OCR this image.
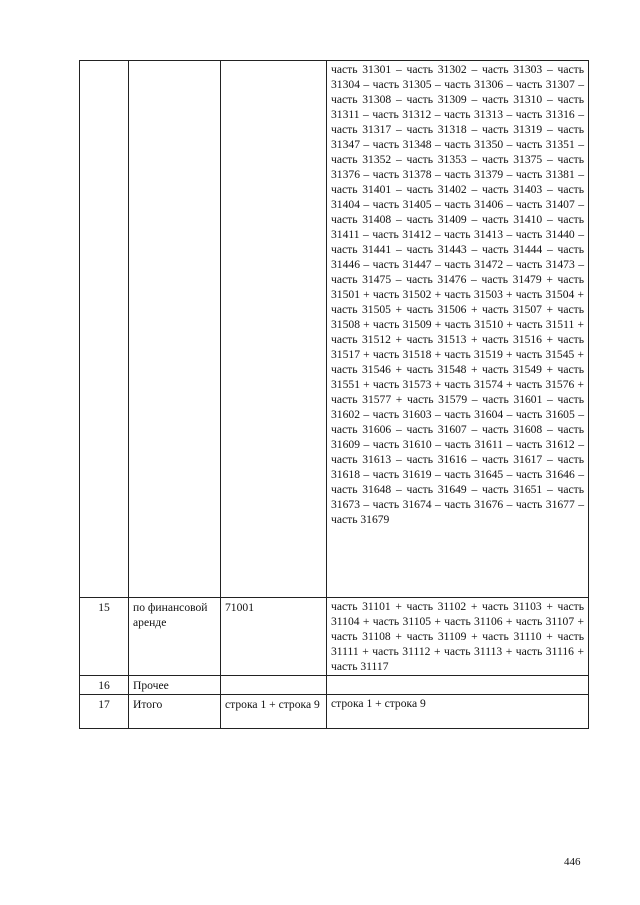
			часть 31301 – часть 31302 – часть 31303 – часть 31304 – часть 31305 – часть 31306 – часть 31307 – часть 31308 – часть 31309 – часть 31310 – часть 31311 – часть 31312 – часть 31313 – часть 31316 – часть 31317 – часть 31318 – часть 31319 – часть 31347 – часть 31348 – часть 31350 – часть 31351 – часть 31352 – часть 31353 – часть 31375 – часть 31376 – часть 31378 – часть 31379 – часть 31381 – часть 31401 – часть 31402 – часть 31403 – часть 31404 – часть 31405 – часть 31406 – часть 31407 – часть 31408 – часть 31409 – часть 31410 – часть 31411 – часть 31412 – часть 31413 – часть 31440 – часть 31441 – часть 31443 – часть 31444 – часть 31446 – часть 31447 – часть 31472 – часть 31473 – часть 31475 – часть 31476 – часть 31479 + часть 31501 + часть 31502 + часть 31503 + часть 31504 + часть 31505 + часть 31506 + часть 31507 + часть 31508 + часть 31509 + часть 31510 + часть 31511 + часть 31512 + часть 31513 + часть 31516 + часть 31517 + часть 31518 + часть 31519 + часть 31545 + часть 31546 + часть 31548 + часть 31549 + часть 31551 + часть 31573 + часть 31574 + часть 31576 + часть 31577 + часть 31579 – часть 31601 – часть 31602 – часть 31603 – часть 31604 – часть 31605 – часть 31606 – часть 31607 – часть 31608 – часть 31609 – часть 31610 – часть 31611 – часть 31612 – часть 31613 – часть 31616 – часть 31617 – часть 31618 – часть 31619 – часть 31645 – часть 31646 – часть 31648 – часть 31649 – часть 31651 – часть 31673 – часть 31674 – часть 31676 – часть 31677 – часть 31679
15	по финансовой аренде	71001	часть 31101 + часть 31102 + часть 31103 + часть 31104 + часть 31105 + часть 31106 + часть 31107 + часть 31108 + часть 31109 + часть 31110 + часть 31111 + часть 31112 + часть 31113 + часть 31116 + часть 31117
16	Прочее		
17	Итого	строка 1 + строка 9	строка 1 + строка 9
446
